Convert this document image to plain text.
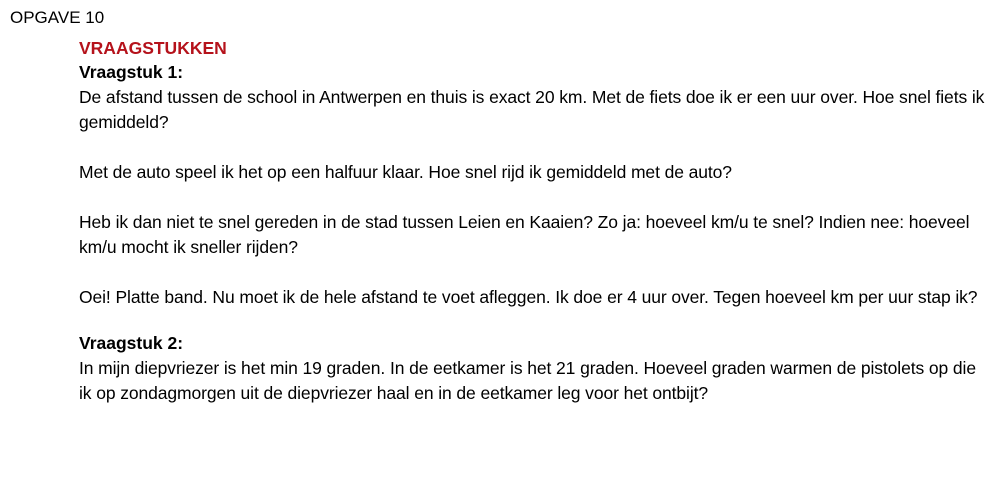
OPGAVE 10

VRAAGSTUKKEN

Vraagstuk 1:

De afstand tussen de school in Antwerpen en thuis is exact 20 km. Met de fiets doe ik er een uur over. Hoe snel fiets ik gemiddeld?

Met de auto speel ik het op een halfuur klaar. Hoe snel rijd ik gemiddeld met de auto?

Heb ik dan niet te snel gereden in de stad tussen Leien en Kaaien? Zo ja: hoeveel km/u te snel? Indien nee: hoeveel km/u mocht ik sneller rijden?

Oei! Platte band. Nu moet ik de hele afstand te voet afleggen. Ik doe er 4 uur over. Tegen hoeveel km per uur stap ik?

Vraagstuk 2:

In mijn diepvriezer is het min 19 graden. In de eetkamer is het 21 graden. Hoeveel graden warmen de pistolets op die ik op zondagmorgen uit de diepvriezer haal en in de eetkamer leg voor het ontbijt?
